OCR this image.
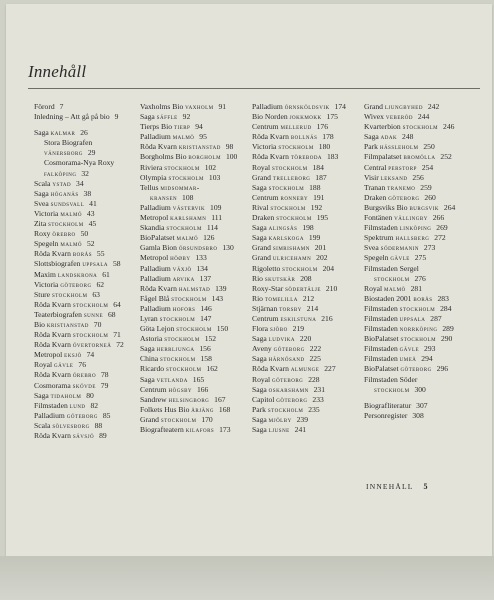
Innehåll
Förord 7
Inledning – Att gå på bio 9
Saga kalmar 26
Stora Biografen
vänersborg 29
Cosmorama-Nya Roxy
falköping 32
Scala ystad 34
Saga höganäs 38
Svea sundsvall 41
Victoria malmö 43
Zita stockholm 45
Roxy örebro 50
Spegeln malmö 52
Röda Kvarn borås 55
Slottsbiografen uppsala 58
Maxim landskrona 61
Victoria göteborg 62
Sture stockholm 63
Röda Kvarn stockholm 64
Teaterbiografen sunne 68
Bio kristianstad 70
Röda Kvarn stockholm 71
Röda Kvarn övertorneå 72
Metropol eksjö 74
Royal gävle 76
Röda Kvarn örebro 78
Cosmorama skövde 79
Saga tidaholm 80
Filmstaden lund 82
Palladium göteborg 85
Scala sölvesborg 88
Röda Kvarn sävsjö 89
Vaxholms Bio vaxholm 91
Saga säffle 92
Tierps Bio tierp 94
Palladium malmö 95
Röda Kvarn kristianstad 98
Borgholms Bio borgholm 100
Riviera stockholm 102
Olympia stockholm 103
Tellus midsommar-
kransen 108
Palladium västervik 109
Metropol karlshamn 111
Skandia stockholm 114
BioPalatset malmö 126
Gamla Bion örsundsbro 130
Metropol höøby 133
Palladium växjö 134
Palladium arvika 137
Röda Kvarn halmstad 139
Fågel Blå stockholm 143
Palladium hofors 146
Lyran stockholm 147
Göta Lejon stockholm 150
Astoria stockholm 152
Saga herrljunga 156
China stockholm 158
Ricardo stockholm 162
Saga vetlanda 165
Centrum högsby 166
Sandrew helsingborg 167
Folkets Hus Bio årjäng 168
Grand stockholm 170
Biografteatern kilafors 173
Palladium örnsköldsvik 174
Bio Norden jokkmokk 175
Centrum mellerud 176
Röda Kvarn bollnäs 178
Victoria stockholm 180
Röda Kvarn töreboda 183
Royal stockholm 184
Grand trelleborg 187
Saga stockholm 188
Centrum ronneby 191
Rival stockholm 192
Draken stockholm 195
Saga alingsås 198
Saga karlskoga 199
Grand simrishamn 201
Grand ulricehamn 202
Rigoletto stockholm 204
Rio skutskär 208
Roxy-Star södertälje 210
Rio tomelilla 212
Stjärnan torsby 214
Centrum eskilstuna 216
Flora sjöbo 219
Saga ludvika 220
Aveny göteborg 222
Saga härnösand 225
Röda Kvarn almunge 227
Royal göteborg 228
Saga oskarshamn 231
Capitol göteborg 233
Park stockholm 235
Saga mjölby 239
Saga ljusne 241
Grand ljungbyhed 242
Wivex veberöd 244
Kvarterbion stockholm 246
Saga adak 248
Park hässleholm 250
Filmpalatset bromölla 252
Central perstorp 254
Visir leksand 256
Tranan tranemo 259
Draken göteborg 260
Burgsviks Bio burgsvik 264
Fontänen vällingby 266
Filmstaden linköping 269
Spektrum hallsberg 272
Svea södermanin 273
Spegeln gävle 275
Filmstaden Sergel
stockholm 276
Royal malmö 281
Biostaden 2001 borås 283
Filmstaden stockholm 284
Filmstaden uppsala 287
Filmstaden norrköping 289
BioPalatset stockholm 290
Filmstaden gävle 293
Filmstaden umeå 294
BioPalatset göteborg 296
Filmstaden Söder
stockholm 300
Biografliteratur 307
Personregister 308
INNEHÅLL 5
